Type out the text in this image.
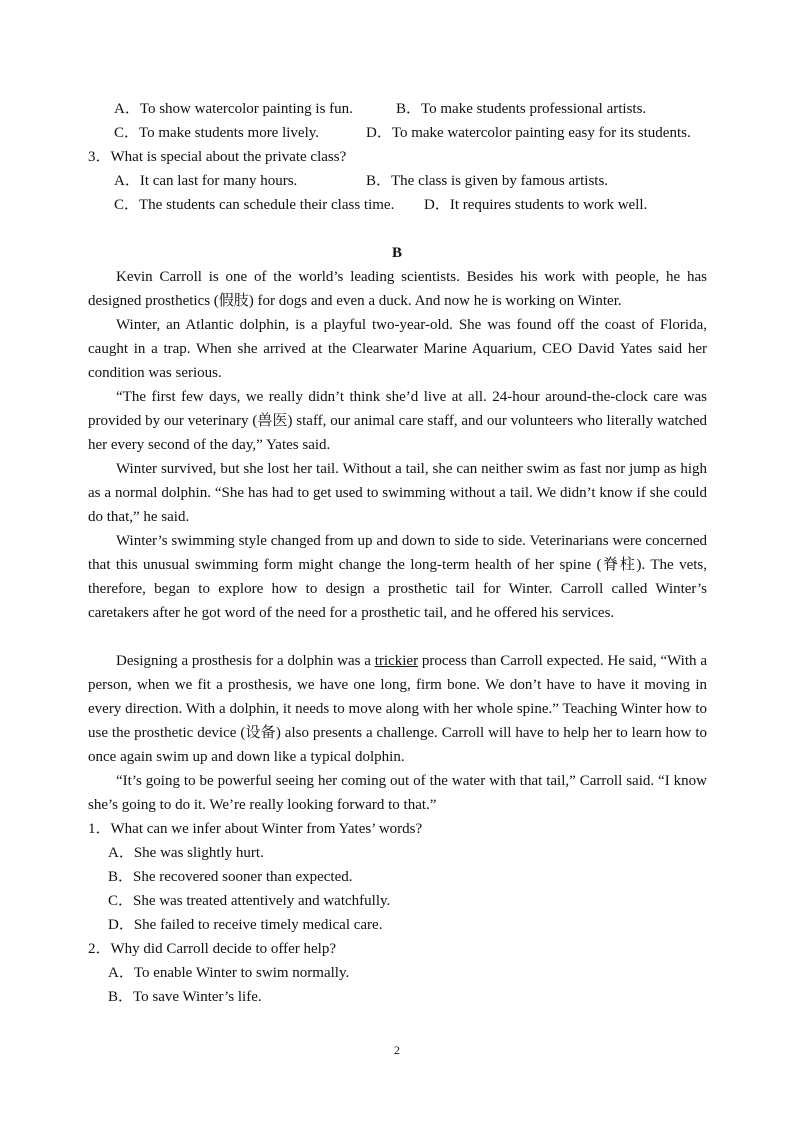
A．To show watercolor painting is fun.	B．To make students professional artists.
C．To make students more lively.	D．To make watercolor painting easy for its students.
3．What is special about the private class?
A．It can last for many hours.	B．The class is given by famous artists.
C．The students can schedule their class time. D．It requires students to work well.
B

Kevin Carroll is one of the world’s leading scientists. Besides his work with people, he has designed prosthetics (假肢) for dogs and even a duck. And now he is working on Winter.

Winter, an Atlantic dolphin, is a playful two-year-old. She was found off the coast of Florida, caught in a trap. When she arrived at the Clearwater Marine Aquarium, CEO David Yates said her condition was serious.

“The first few days, we really didn’t think she’d live at all. 24-hour around-the-clock care was provided by our veterinary (兽医) staff, our animal care staff, and our volunteers who literally watched her every second of the day,” Yates said.

Winter survived, but she lost her tail. Without a tail, she can neither swim as fast nor jump as high as a normal dolphin. “She has had to get used to swimming without a tail. We didn’t know if she could do that,” he said.

Winter’s swimming style changed from up and down to side to side. Veterinarians were concerned that this unusual swimming form might change the long-term health of her spine (脊柱). The vets, therefore, began to explore how to design a prosthetic tail for Winter. Carroll called Winter’s caretakers after he got word of the need for a prosthetic tail, and he offered his services.

Designing a prosthesis for a dolphin was a trickier process than Carroll expected. He said, “With a person, when we fit a prosthesis, we have one long, firm bone. We don’t have to have it moving in every direction. With a dolphin, it needs to move along with her whole spine.” Teaching Winter how to use the prosthetic device (设备) also presents a challenge. Carroll will have to help her to learn how to once again swim up and down like a typical dolphin.

“It’s going to be powerful seeing her coming out of the water with that tail,” Carroll said. “I know she’s going to do it. We’re really looking forward to that.”

1．What can we infer about Winter from Yates’ words?
A．She was slightly hurt.
B．She recovered sooner than expected.
C．She was treated attentively and watchfully.
D．She failed to receive timely medical care.
2．Why did Carroll decide to offer help?
A．To enable Winter to swim normally.
B．To save Winter’s life.
2
